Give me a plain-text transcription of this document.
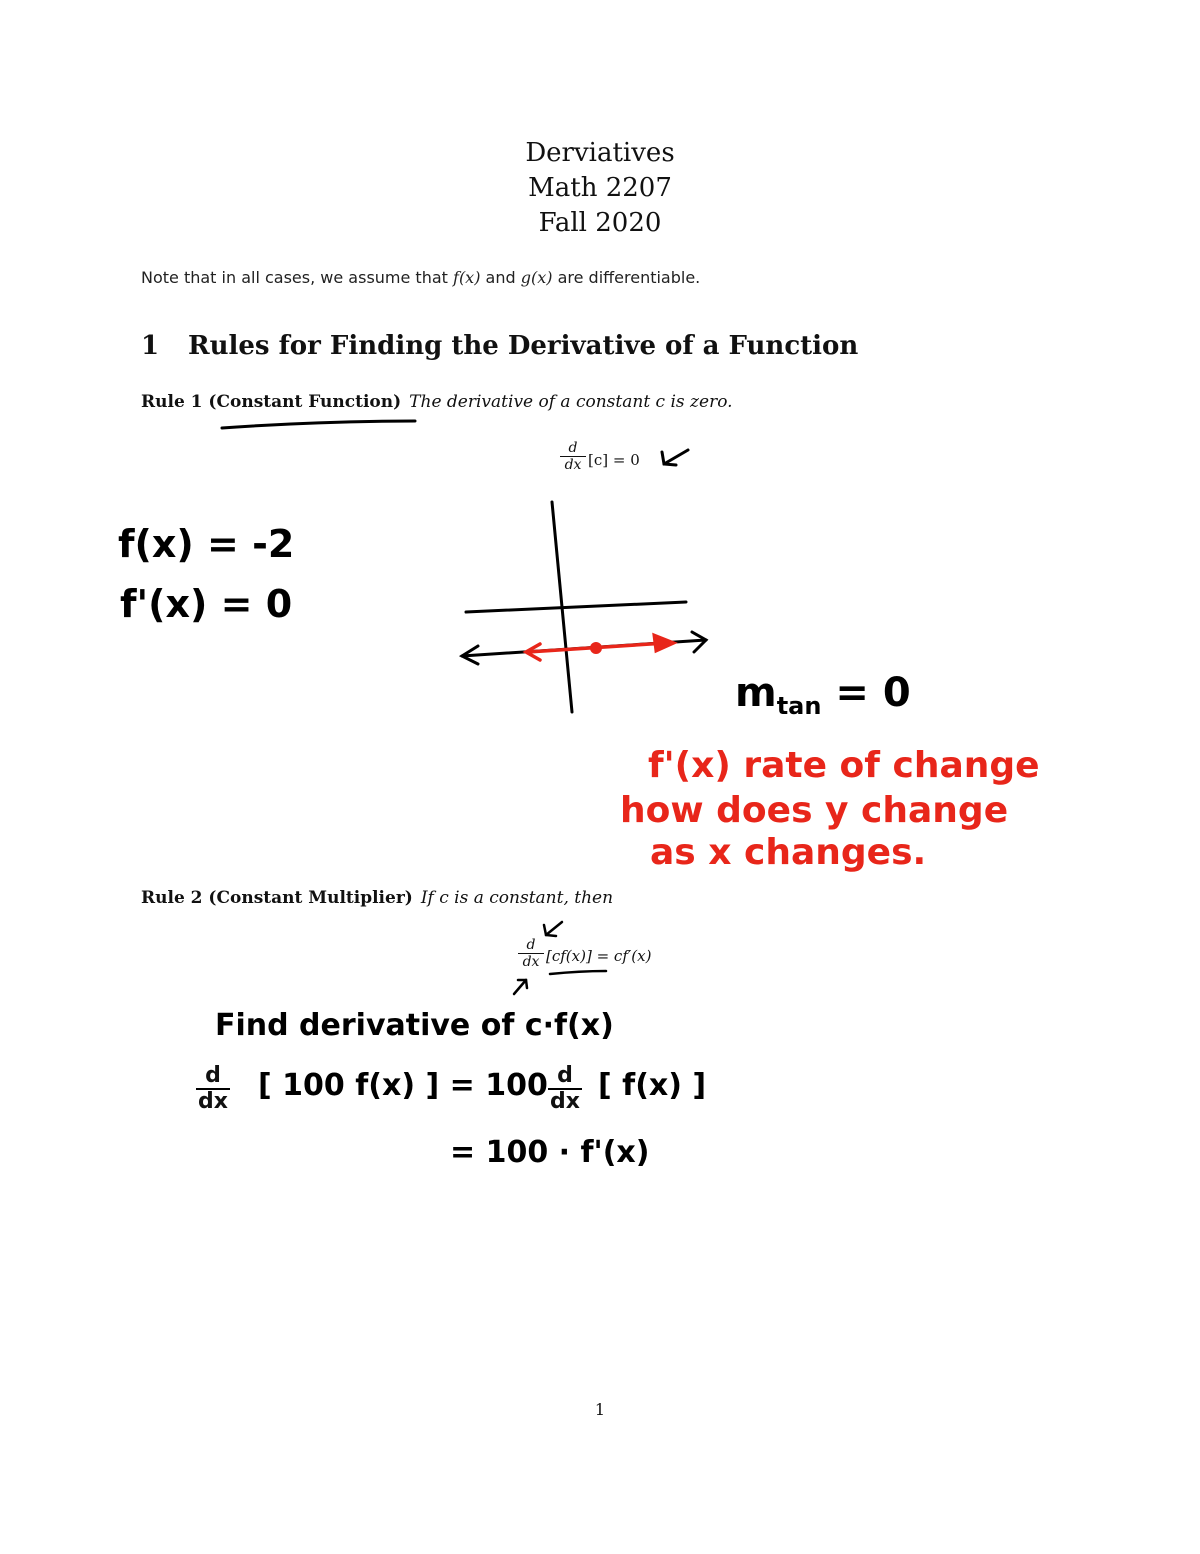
Derviatives
Math 2207
Fall 2020
Note that in all cases, we assume that f(x) and g(x) are differentiable.
1 Rules for Finding the Derivative of a Function
Rule 1 (Constant Function) The derivative of a constant c is zero.
$\frac{d}{dx} [c] = 0$
f(x) = -2
f'(x) = 0
$m_{tan} = 0$
f'(x) rate of change
how does y change
as x changes.
Rule 2 (Constant Multiplier) If c is a constant, then
$\frac{d}{dx} [cf(x)] = cf'(x)$
Find derivative of c·f(x)
$\frac{d}{dx}$ [ 100 f(x) ] = $100 \frac{d}{dx}$ [ f(x) ]
= 100 · f'(x)
1
